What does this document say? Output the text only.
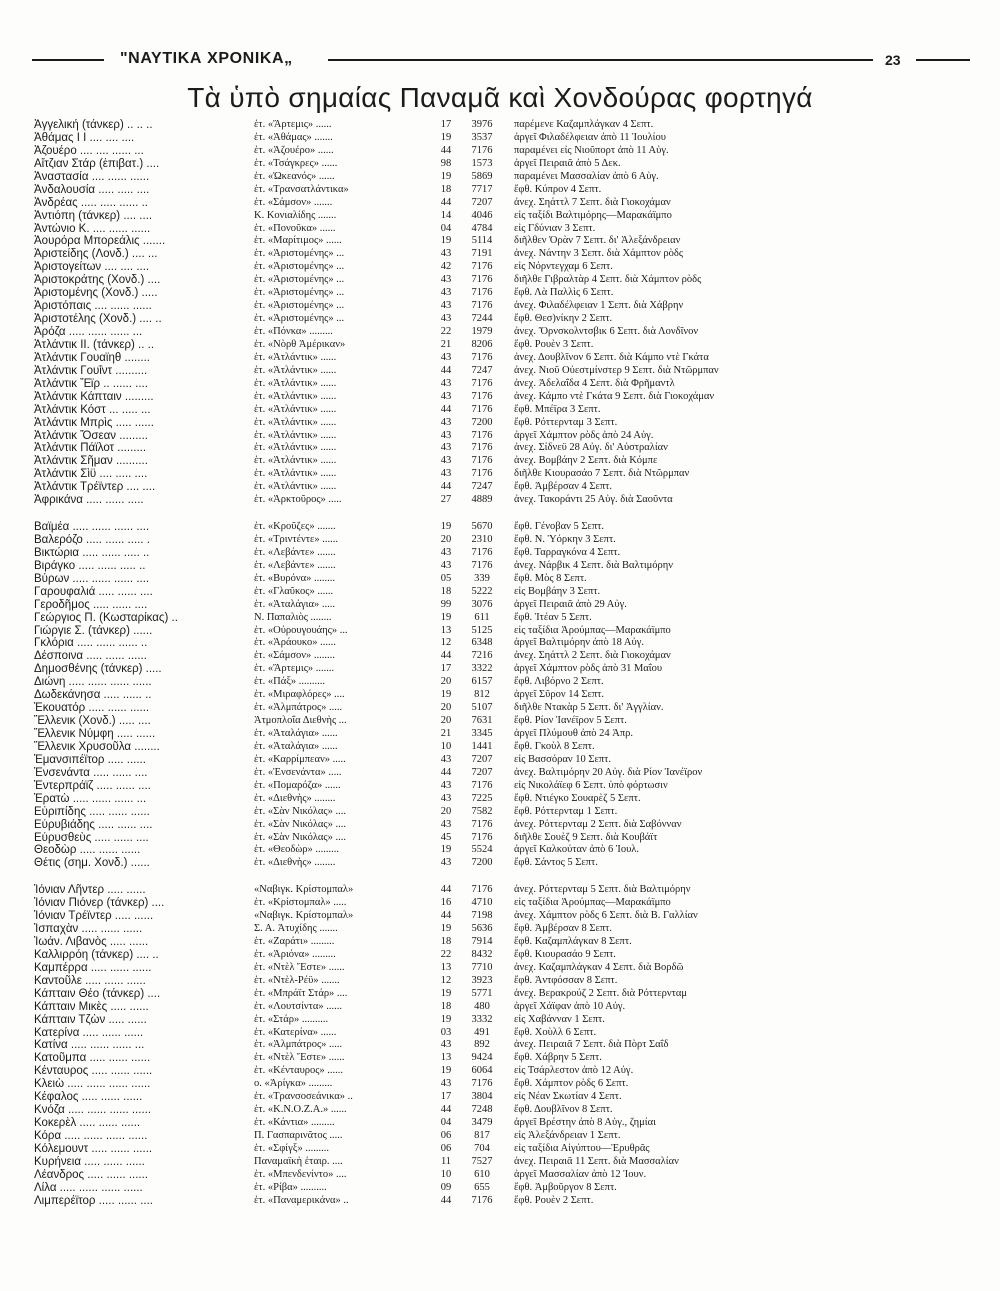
"ΝΑΥΤΙΚΑ ΧΡΟΝΙΚΑ„	23
Τὰ ὑπὸ σημαίας Παναμᾶ καὶ Χονδούρας φορτηγά
Ἀγγελική (τάνκερ) .. .. ..	ἑτ. «Ἄρτεμις» ......	17	3976	παρέμενε Καζαμπλάγκαν 4 Σεπτ.
Ἀθάμας I I .... .... ....	ἑτ. «Ἀθάμας» .......	19	3537	ἀργεῖ Φιλαδέλφειαν ἀπὸ 11 Ἰουλίου
Ἀζουέρο .... .... ...... ...	ἑτ. «Ἀζουέρο» ......	44	7176	παραμένει εἰς Νιοῦπορτ ἀπὸ 11 Αὐγ.
Αἴτζιαν Στάρ (ἐπιβατ.) ....	ἑτ. «Τσάγκρες» ......	98	1573	ἀργεῖ Πειραιᾶ ἀπὸ 5 Δεκ.
Ἀναστασία .... ...... ......	ἑτ. «Ὠκεανός» ......	19	5869	παραμένει Μασσαλίαν ἀπὸ 6 Αὐγ.
Ἀνδαλουσία ..... ..... ....	ἑτ. «Τρανσατλάντικα»	18	7717	ἔφθ. Κύπρον 4 Σεπτ.
Ἀνδρέας ..... ..... ...... ..	ἑτ. «Σάμσον» .......	44	7207	ἀνεχ. Σηάττλ 7 Σεπτ. διὰ Γιοκοχάμαν
Ἀντιόπη (τάνκερ) .... ....	Κ. Κονιαλίδης .......	14	4046	εἰς ταξίδι Βαλτιμόρης—Μαρακάϊμπο
Ἀντώνιο Κ. .... ...... ......	ἑτ. «Πονοῦκα» ......	04	4784	εἰς Γδύνιαν 3 Σεπτ.
Ἀουρόρα Μπορεάλις .......	ἑτ. «Μαρίτιμος» ......	19	5114	διῆλθεν Ὀρὰν 7 Σεπτ. δι' Ἀλεξάνδρειαν
Ἀριστείδης (Λονδ.) .... ...	ἑτ. «Ἀριστομένης» ...	43	7191	ἀνεχ. Νάντην 3 Σεπτ. διὰ Χάμπτον ρὸδς
Ἀριστογείτων .... .... ....	ἑτ. «Ἀριστομένης» ...	42	7176	εἰς Νόρντεγχαμ 6 Σεπτ.
Ἀριστοκράτης (Χονδ.) ....	ἑτ. «Ἀριστομένης» ...	43	7176	διῆλθε Γιβραλτὰρ 4 Σεπτ. διὰ Χάμπτον ρὸδς
Ἀριστομένης (Χονδ.) .....	ἑτ. «Ἀριστομένης» ...	43	7176	ἔφθ. Λὰ Παλλὶς 6 Σεπτ.
Ἀριστόπαις .... ...... ......	ἑτ. «Ἀριστομένης» ...	43	7176	ἀνεχ. Φιλαδέλφειαν 1 Σεπτ. διὰ Χάβρην
Ἀριστοτέλης (Χονδ.) .... ..	ἑτ. «Ἀριστομένης» ...	43	7244	ἔφθ. Θεσ)νίκην 2 Σεπτ.
Ἀρόζα ..... ...... ...... ...	ἑτ. «Πόνκα» .........	22	1979	ἀνεχ. Ὄρνσκολντσβικ 6 Σεπτ. διὰ Λονδῖνον
Ἀτλάντικ II. (τάνκερ) .. ..	ἑτ. «Νὸρθ Ἀμέρικαν»	21	8206	ἔφθ. Ρουὲν 3 Σεπτ.
Ἀτλάντικ Γουαϊηθ ........	ἑτ. «Ἀτλάντικ» ......	43	7176	ἀνεχ. Δουβλῖνον 6 Σεπτ. διὰ Κάμπο ντὲ Γκάτα
Ἀτλάντικ Γουΐντ ..........	ἑτ. «Ἀτλάντικ» ......	44	7247	ἀνεχ. Νιοῦ Οὐεστμίνστερ 9 Σεπτ. διὰ Ντῶρμπαν
Ἀτλάντικ Ἔϊρ .. ...... ....	ἑτ. «Ἀτλάντικ» ......	43	7176	ἀνεχ. Ἀδελαΐδα 4 Σεπτ. διὰ Φρῆμαντλ
Ἀτλάντικ Κάπταιν .........	ἑτ. «Ἀτλάντικ» ......	43	7176	ἀνεχ. Κάμπο ντὲ Γκάτα 9 Σεπτ. διὰ Γιοκοχάμαν
Ἀτλάντικ Κόστ ... ..... ...	ἑτ. «Ἀτλάντικ» ......	44	7176	ἔφθ. Μπέϊρα 3 Σεπτ.
Ἀτλάντικ Μπρὶς ..... ......	ἑτ. «Ἀτλάντικ» ......	43	7200	ἔφθ. Ρόττερνταμ 3 Σεπτ.
Ἀτλάντικ Ὄσεαν .........	ἑτ. «Ἀτλάντικ» ......	43	7176	ἀργεῖ Χάμπτον ρὸδς ἀπὸ 24 Αὐγ.
Ἀτλάντικ Πάϊλοτ .........	ἑτ. «Ἀτλάντικ» ......	43	7176	ἀνεχ. Σίδνεϋ 28 Αὐγ. δι' Αὐστραλίαν
Ἀτλάντικ Σῆμαν ..........	ἑτ. «Ἀτλάντικ» ......	43	7176	ἀνεχ. Βομβάην 2 Σεπτ. διὰ Κόμπε
Ἀτλάντικ Σὶϋ .... ..... ....	ἑτ. «Ἀτλάντικ» ......	43	7176	διῆλθε Κιουρασάο 7 Σεπτ. διὰ Ντῶρμπαν
Ἀτλάντικ Τρέϊντερ .... ....	ἑτ. «Ἀτλάντικ» ......	44	7247	ἔφθ. Ἀμβέρσαν 4 Σεπτ.
Ἀφρικάνα ..... ...... .....	ἑτ. «Ἀρκτοῦρος» .....	27	4889	ἀνεχ. Τακοράντι 25 Αὐγ. διὰ Σαοῦντα
Βαϊμέα ..... ...... ...... ....	ἑτ. «Κροῦζες» .......	19	5670	ἔφθ. Γένοβαν 5 Σεπτ.
Βαλερόζο ..... ...... ..... .	ἑτ. «Τριντέντε» ......	20	2310	ἔφθ. Ν. Ὑόρκην 3 Σεπτ.
Βικτώρια ..... ...... ..... ..	ἑτ. «Λεβάντε» .......	43	7176	ἔφθ. Ταρραγκόνα 4 Σεπτ.
Βιράγκο ..... ...... ..... ..	ἑτ. «Λεβάντε» .......	43	7176	ἀνεχ. Νάρβικ 4 Σεπτ. διὰ Βαλτιμόρην
Βύρων ..... ...... ...... ....	ἑτ. «Βυρόνα» ........	05	339	ἔφθ. Μὸς 8 Σεπτ.
Γαρουφαλιά ..... ...... ....	ἑτ. «Γλαῦκος» ......	18	5222	εἰς Βομβάην 3 Σεπτ.
Γεροδῆμος ..... ...... ....	ἑτ. «Ἀταλάγια» .....	99	3076	ἀργεῖ Πειραιᾶ ἀπὸ 29 Αὐγ.
Γεώργιος Π. (Κωσταρίκας) ..	Ν. Παπαλιὸς ........	19	611	ἔφθ. Ἰτέαν 5 Σεπτ.
Γιώργιε Σ. (τάνκερ) ......	ἑτ. «Οὐρουγουάης» ...	13	5125	εἰς ταξίδια Ἀρούμπας—Μαρακάϊμπο
Γκλόρια ..... ...... ...... ..	ἑτ. «Ἀράουκο» ......	12	6348	ἀργεῖ Βαλτιμόρην ἀπὸ 18 Αὐγ.
Δέσποινα ..... ...... ......	ἑτ. «Σάμσον» ........	44	7216	ἀνεχ. Σηάττλ 2 Σεπτ. διὰ Γιοκοχάμαν
Δημοσθένης (τάνκερ) .....	ἑτ. «Ἄρτεμις» .......	17	3322	ἀργεῖ Χάμπτον ρὸδς ἀπὸ 31 Μαΐου
Διώνη ..... ...... ...... ......	ἑτ. «Πάξ» ..........	20	6157	ἔφθ. Λιβόρνο 2 Σεπτ.
Δωδεκάνησα ..... ...... ..	ἑτ. «Μιραφλόρες» ....	19	812	ἀργεῖ Σῦρον 14 Σεπτ.
Ἐκουατόρ ..... ...... ......	ἑτ. «Ἀλμπάτρος» .....	20	5107	διῆλθε Ντακὰρ 5 Σεπτ. δι' Ἀγγλίαν.
Ἕλλενικ (Χονδ.) ..... ....	Ἀτμοπλοΐα Διεθνὴς ...	20	7631	ἔφθ. Ρίον Ἰανέϊρον 5 Σεπτ.
Ἕλλενικ Νύμφη ..... ......	ἑτ. «Ἀταλάγια» ......	21	3345	ἀργεῖ Πλύμουθ ἀπὸ 24 Ἀπρ.
Ἕλλενικ Χρυσοῦλα ........	ἑτ. «Ἀταλάγια» ......	10	1441	ἔφθ. Γκοὺλ 8 Σεπτ.
Ἐμανσιπέϊτορ ..... ......	ἑτ. «Καρρίμπεαν» .....	43	7207	εἰς Βασσόραν 10 Σεπτ.
Ἐνσενάντα ..... ...... ....	ἑτ. «Ἐνσενάντα» .....	44	7207	ἀνεχ. Βαλτιμόρην 20 Αὐγ. διὰ Ρίον Ἰανέϊρον
Ἐντερπράϊζ ..... ...... ....	ἑτ. «Πομαρόζα» ......	43	7176	εἰς Νικολάϊεφ 6 Σεπτ. ὑπὸ φόρτωσιν
Ἐρατὼ ..... ...... ...... ...	ἑτ. «Διεθνὴς» ........	43	7225	ἔφθ. Ντιέγκο Σουαρὲζ 5 Σεπτ.
Εὐριπίδης ..... ...... ......	ἑτ. «Σὰν Νικόλας» ....	20	7582	ἔφθ. Ρόττερνταμ 1 Σεπτ.
Εὐρυβιάδης ..... ...... ....	ἑτ. «Σὰν Νικόλας» ....	43	7176	ἀνεχ. Ρόττερνταμ 2 Σεπτ. διὰ Σαβόνναν
Εὐρυσθεὺς ..... ...... ....	ἑτ. «Σὰν Νικόλας» ....	45	7176	διῆλθε Σουὲζ 9 Σεπτ. διὰ Κουβάϊτ
Θεοδὼρ ..... ...... ......	ἑτ. «Θεοδὼρ» .........	19	5524	ἀργεῖ Καλκούταν ἀπὸ 6 Ἰουλ.
Θέτις (σημ. Χονδ.) ......	ἑτ. «Διεθνὴς» ........	43	7200	ἔφθ. Σάντος 5 Σεπτ.
Ἰόνιαν Λῆντερ ..... ......	«Ναβιγκ. Κρίστομπαλ»	44	7176	ἀνεχ. Ρόττερνταμ 5 Σεπτ. διὰ Βαλτιμόρην
Ἰόνιαν Πιόνερ (τάνκερ) ....	ἑτ. «Κρίστομπαλ» .....	16	4710	εἰς ταξίδια Ἀρούμπας—Μαρακάϊμπο
Ἰόνιαν Τρέϊντερ ..... ......	«Ναβιγκ. Κρίστομπαλ»	44	7198	ἀνεχ. Χάμπτον ρὸδς 6 Σεπτ. διὰ Β. Γαλλίαν
Ἰσπαχὰν ..... ...... ......	Σ. Α. Ἀτυχίδης .......	19	5636	ἔφθ. Ἀμβέρσαν 8 Σεπτ.
Ἰωάν. Λιβανὸς ..... ......	ἑτ. «Ζαράτι» .........	18	7914	ἔφθ. Καζαμπλάγκαν 8 Σεπτ.
Καλλιρρόη (τάνκερ) .... ..	ἑτ. «Ἀριόνα» .........	22	8432	ἔφθ. Κιουρασάο 9 Σεπτ.
Καμπέρρα ..... ...... ......	ἑτ. «Ντὲλ Ἔστε» ......	13	7710	ἀνεχ. Καζαμπλάγκαν 4 Σεπτ. διὰ Βορδῶ
Καντοῦλε ..... ...... ......	ἑτ. «Ντὲλ-Ρέϋ» .......	12	3923	ἔφθ. Ἀντφόσσαν 8 Σεπτ.
Κάπταιν Θέο (τάνκερ) ....	ἑτ. «Μπράϊτ Στάρ» ....	19	5771	ἀνεχ. Βερακρούζ 2 Σεπτ. διὰ Ρόττερνταμ
Κάπταιν Μικὲς ..... ......	ἑτ. «Λουτσίντα» ......	18	480	ἀργεῖ Χάϊφαν ἀπὸ 10 Αὐγ.
Κάπταιν Τζὼν ..... ......	ἑτ. «Στάρ» ..........	19	3332	εἰς Χαβάνναν 1 Σεπτ.
Κατερίνα ..... ...... ......	ἑτ. «Κατερίνα» ......	03	491	ἔφθ. Χοὺλλ 6 Σεπτ.
Κατίνα ..... ...... ...... ...	ἑτ. «Ἀλμπάτρος» .....	43	892	ἀνεχ. Πειραιᾶ 7 Σεπτ. διὰ Πὸρτ Σαΐδ
Κατοῦμπα ..... ...... ......	ἑτ. «Ντὲλ Ἔστε» ......	13	9424	ἔφθ. Χάβρην 5 Σεπτ.
Κένταυρος ..... ...... ......	ἑτ. «Κένταυρος» ......	19	6064	εἰς Τσάρλεστον ἀπὸ 12 Αὐγ.
Κλειὼ ..... ...... ...... ......	ο. «Ἀρίγκα» .........	43	7176	ἔφθ. Χάμπτον ρὸδς 6 Σεπτ.
Κέφαλος ..... ...... ......	ἑτ. «Τρανσοσεάνικα» ..	17	3804	εἰς Νέαν Σκωτίαν 4 Σεπτ.
Κνόζα ..... ...... ...... ......	ἑτ. «Κ.Ν.Ο.Ζ.Α.» ......	44	7248	ἔφθ. Δουβλῖνον 8 Σεπτ.
Κοκερὲλ ..... ...... ......	ἑτ. «Κάντια» .........	04	3479	ἀργεῖ Βρέστην ἀπὸ 8 Αὐγ., ζημίαι
Κόρα ..... ...... ...... ......	Π. Γασπαρινᾶτος .....	06	817	εἰς Ἀλεξάνδρειαν 1 Σεπτ.
Κόλεμουντ ..... ...... ......	ἑτ. «Σφίγξ» .........	06	704	εἰς ταξίδια Αἰγύπτου—Ἐρυθρᾶς
Κυρήνεια ..... ...... ......	Παναμαϊκὴ ἑταιρ. ....	11	7527	ἀνεχ. Πειραιᾶ 11 Σεπτ. διὰ Μασσαλίαν
Λέανδρος ..... ...... ......	ἑτ. «Μπενδενίντο» ....	10	610	ἀργεῖ Μασσαλίαν ἀπὸ 12 Ἰουν.
Λίλα ..... ...... ...... ......	ἑτ. «Ρίβα» ..........	09	655	ἔφθ. Ἀμβοῦργον 8 Σεπτ.
Λιμπερέϊτορ ..... ...... ....	ἑτ. «Παναμερικάνα» ..	44	7176	ἔφθ. Ρουὲν 2 Σεπτ.
